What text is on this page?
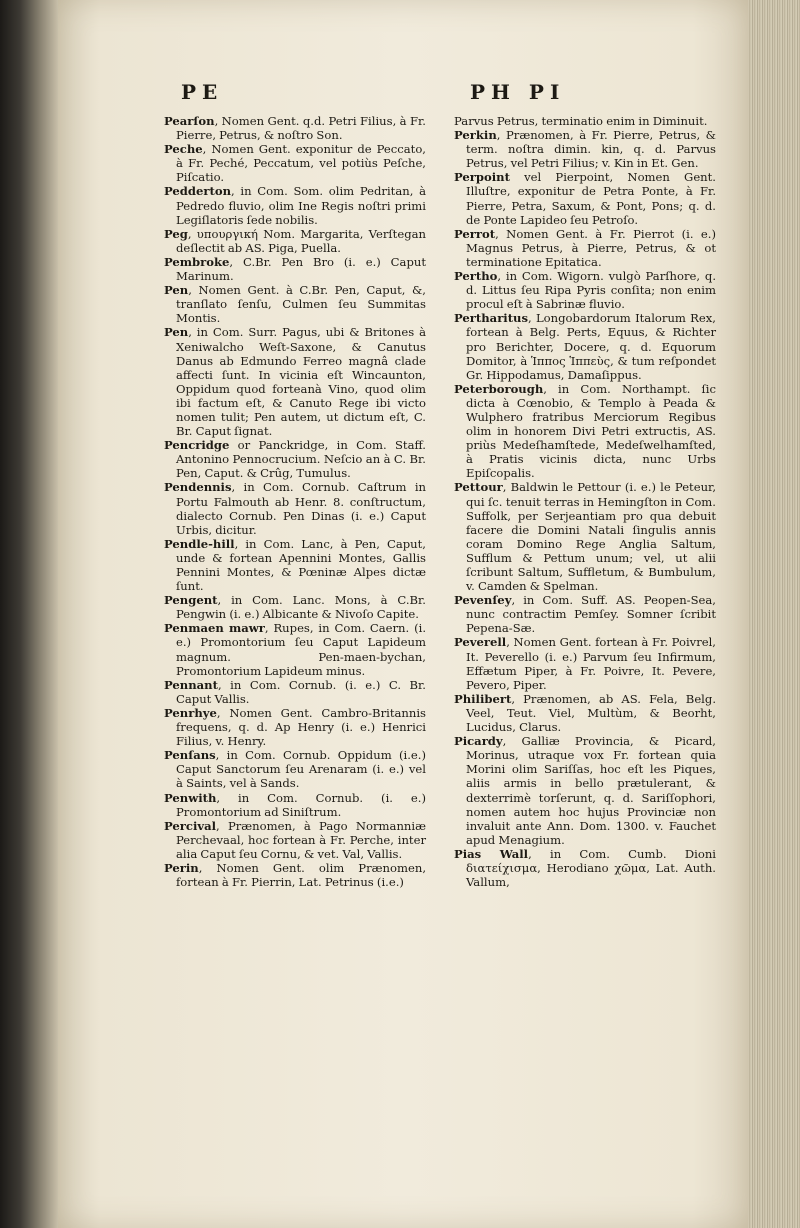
PE	PH PI

Pearſon, Nomen Gent. q.d. Petri Filius, à Fr. Pierre, Petrus, & noſtro Son.

Peche, Nomen Gent. exponitur de Peccato, à Fr. Peché, Peccatum, vel potiùs Peſche, Piſcatio.

Pedderton, in Com. Som. olim Pedritan, à Pedredo fluvio, olim Ine Regis noſtri primi Legiſlatoris ſede nobilis.

Peg, υπουργική Nom. Margarita, Verſtegan deſlectit ab AS. Piga, Puella.

Pembroke, C.Br. Pen Bro (i. e.) Caput Marinum.

Pen, Nomen Gent. à C.Br. Pen, Caput, &, tranſlato ſenſu, Culmen ſeu Summitas Montis.

Pen, in Com. Surr. Pagus, ubi & Britones à Xeniwalcho Weſt-Saxone, & Canutus Danus ab Edmundo Ferreo magnâ clade affecti ſunt. In vicinia eſt Wincaunton, Oppidum quod forteanà Vino, quod olim ibi factum eſt, & Canuto Rege ibi victo nomen tulit; Pen autem, ut dictum eſt, C. Br. Caput ſignat.

Pencridge or Panckridge, in Com. Staff. Antonino Pennocrucium. Neſcio an à C. Br. Pen, Caput. & Crûg, Tumulus.

Pendennis, in Com. Cornub. Caſtrum in Portu Falmouth ab Henr. 8. conſtructum, dialecto Cornub. Pen Dinas (i. e.) Caput Urbis, dicitur.

Pendle-hill, in Com. Lanc, à Pen, Caput, unde & fortean Apennini Montes, Gallis Pennini Montes, & Pœninæ Alpes dictæ ſunt.

Pengent, in Com. Lanc. Mons, à C.Br. Pengwin (i. e.) Albicante & Nivoſo Capite.

Penmaen mawr, Rupes, in Com. Caern. (i. e.) Promontorium ſeu Caput Lapideum magnum. Pen-maen-bychan, Promontorium Lapideum minus.

Pennant, in Com. Cornub. (i. e.) C. Br. Caput Vallis.

Penrhye, Nomen Gent. Cambro-Britannis frequens, q. d. Ap Henry (i. e.) Henrici Filius, v. Henry.

Penſans, in Com. Cornub. Oppidum (i.e.) Caput Sanctorum ſeu Arenaram (i. e.) vel à Saints, vel à Sands.

Penwith, in Com. Cornub. (i. e.) Promontorium ad Siniſtrum.

Percival, Prænomen, à Pago Normanniæ Perchevaal, hoc fortean à Fr. Perche, inter alia Caput ſeu Cornu, & vet. Val, Vallis.

Perin, Nomen Gent. olim Prænomen, fortean à Fr. Pierrin, Lat. Petrinus (i.e.)

Parvus Petrus, terminatio enim in Diminuit.

Perkin, Prænomen, à Fr. Pierre, Petrus, & term. noſtra dimin. kin, q. d. Parvus Petrus, vel Petri Filius; v. Kin in Et. Gen.

Perpoint vel Pierpoint, Nomen Gent. Illuſtre, exponitur de Petra Ponte, à Fr. Pierre, Petra, Saxum, & Pont, Pons; q. d. de Ponte Lapideo ſeu Petroſo.

Perrot, Nomen Gent. à Fr. Pierrot (i. e.) Magnus Petrus, à Pierre, Petrus, & ot terminatione Epitatica.

Pertho, in Com. Wigorn. vulgò Parſhore, q. d. Littus ſeu Ripa Pyris conſita; non enim procul eſt à Sabrinæ fluvio.

Pertharitus, Longobardorum Italorum Rex, fortean à Belg. Perts, Equus, & Richter pro Berichter, Docere, q. d. Equorum Domitor, à Ἱππος Ἱππεὺς, & tum reſpondet Gr. Hippodamus, Damaſippus.

Peterborough, in Com. Northampt. ſic dicta à Cœnobio, & Templo à Peada & Wulphero fratribus Merciorum Regibus olim in honorem Divi Petri extructis, AS. priùs Medeſhamſtede, Medeſwelhamſted, à Pratis vicinis dicta, nunc Urbs Epiſcopalis.

Pettour, Baldwin le Pettour (i. e.) le Peteur, qui ſc. tenuit terras in Hemingſton in Com. Suffolk, per Serjeantiam pro qua debuit facere die Domini Natali ſingulis annis coram Domino Rege Anglia Saltum, Sufflum & Pettum unum; vel, ut alii ſcribunt Saltum, Suffletum, & Bumbulum, v. Camden & Spelman.

Pevenſey, in Com. Suff. AS. Peopen-Sea, nunc contractim Pemſey. Somner ſcribit Pepena-Sæ.

Peverell, Nomen Gent. fortean à Fr. Poivrel, It. Peverello (i. e.) Parvum ſeu Infirmum, Effætum Piper, à Fr. Poivre, It. Pevere, Pevero, Piper.

Philibert, Prænomen, ab AS. Fela, Belg. Veel, Teut. Viel, Multùm, & Beorht, Lucidus, Clarus.

Picardy, Galliæ Provincia, & Picard, Morinus, utraque vox Fr. fortean quia Morini olim Sariſſas, hoc eſt les Piques, aliis armis in bello prætulerant, & dexterrimè torſerunt, q. d. Sariſſophori, nomen autem hoc hujus Provinciæ non invaluit ante Ann. Dom. 1300. v. Fauchet apud Menagium.

Pias Wall, in Com. Cumb. Dioni διατείχισμα, Herodiano χῶμα, Lat. Auth. Vallum,
